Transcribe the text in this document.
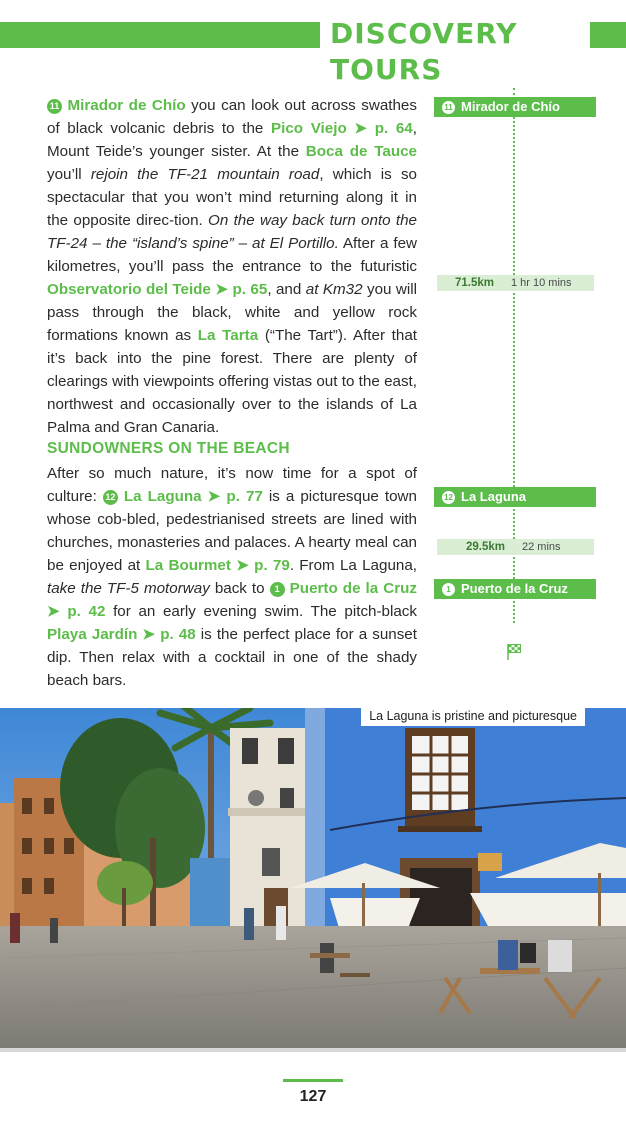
DISCOVERY TOURS

11 Mirador de Chío you can look out across swathes of black volcanic debris to the Pico Viejo ➤ p. 64, Mount Teide’s younger sister. At the Boca de Tauce you’ll rejoin the TF-21 mountain road, which is so spectacular that you won’t mind returning along it in the opposite direc-tion. On the way back turn onto the TF-24 – the “island’s spine” – at El Portillo. After a few kilometres, you’ll pass the entrance to the futuristic Observatorio del Teide ➤ p. 65, and at Km32 you will pass through the black, white and yellow rock formations known as La Tarta (“The Tart”). After that it’s back into the pine forest. There are plenty of clearings with viewpoints offering vistas out to the east, northwest and occasionally over to the islands of La Palma and Gran Canaria.

SUNDOWNERS ON THE BEACH

After so much nature, it’s now time for a spot of culture: 12 La Laguna ➤ p. 77 is a picturesque town whose cob-bled, pedestrianised streets are lined with churches, monasteries and palaces. A hearty meal can be enjoyed at La Bourmet ➤ p. 79. From La Laguna, take the TF-5 motorway back to 1 Puerto de la Cruz ➤ p. 42 for an early evening swim. The pitch-black Playa Jardín ➤ p. 48 is the perfect place for a sunset dip. Then relax with a cocktail in one of the shady beach bars.

11 Mirador de Chío
71.5km 1 hr 10 mins
12 La Laguna
29.5km 22 mins
1 Puerto de la Cruz
La Laguna is pristine and picturesque
127
